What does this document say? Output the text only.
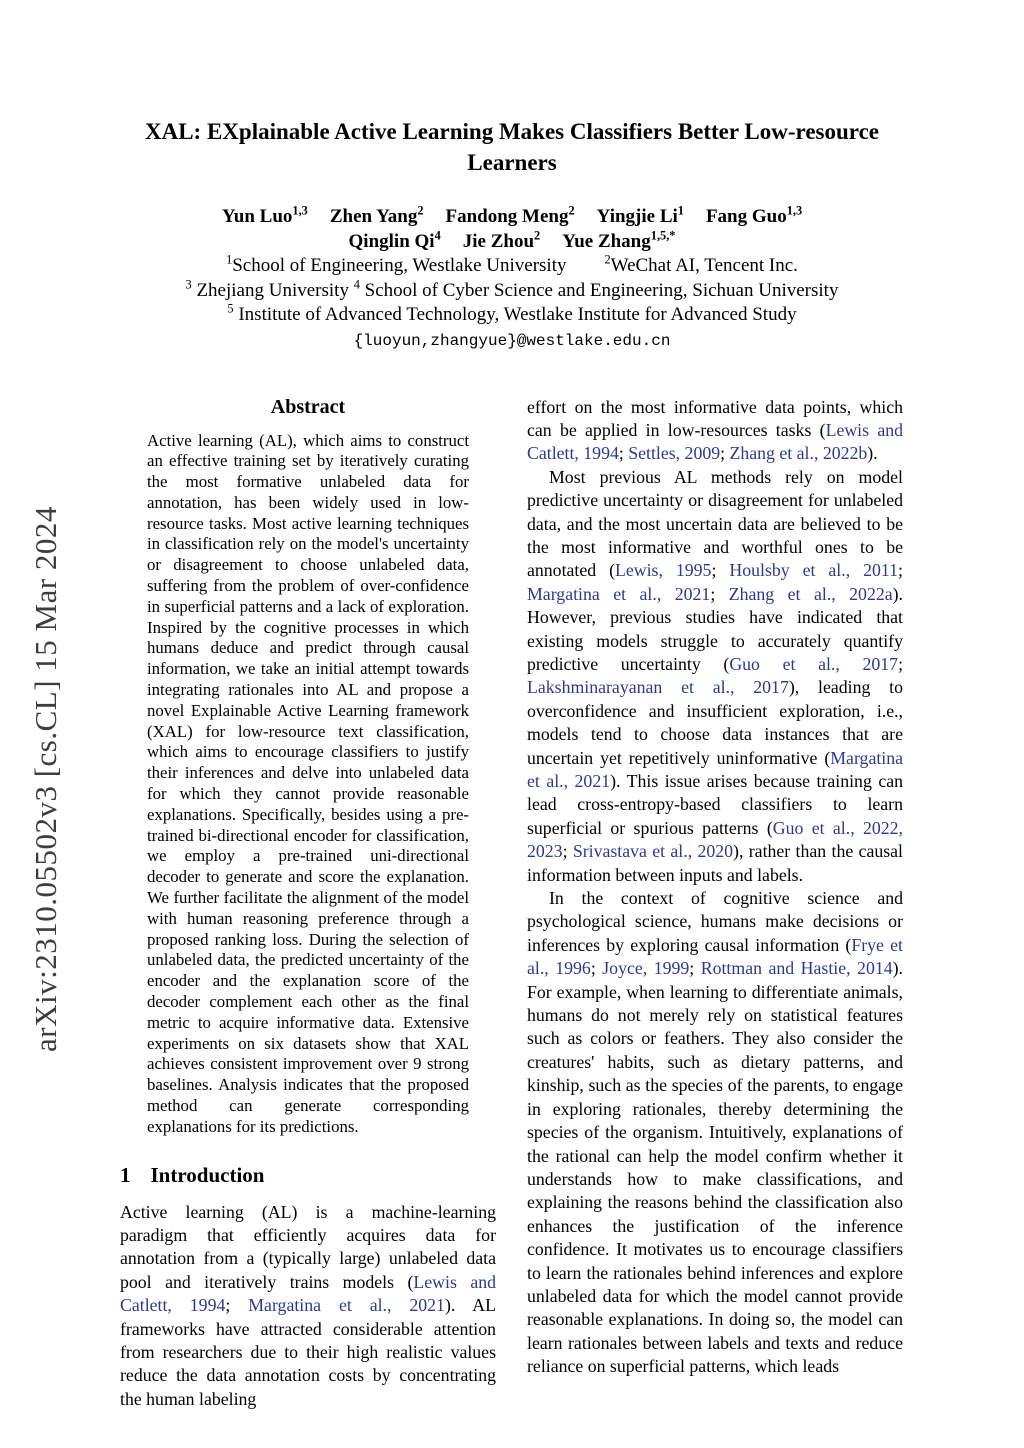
arXiv:2310.05502v3 [cs.CL] 15 Mar 2024
XAL: EXplainable Active Learning Makes Classifiers Better Low-resource Learners
Yun Luo$^{1,3}$ Zhen Yang$^2$ Fandong Meng$^2$ Yingjie Li$^1$ Fang Guo$^{1,3}$
Qinglin Qi$^4$ Jie Zhou$^2$ Yue Zhang$^{1,5,*}$
$^1$School of Engineering, Westlake University  	$^2$WeChat AI, Tencent Inc.
$^3$ Zhejiang University $^4$ School of Cyber Science and Engineering, Sichuan University
$^5$ Institute of Advanced Technology, Westlake Institute for Advanced Study
{luoyun,zhangyue}@westlake.edu.cn
Abstract

Active learning (AL), which aims to construct an effective training set by iteratively curating the most formative unlabeled data for annotation, has been widely used in low-resource tasks. Most active learning techniques in classification rely on the model's uncertainty or disagreement to choose unlabeled data, suffering from the problem of over-confidence in superficial patterns and a lack of exploration. Inspired by the cognitive processes in which humans deduce and predict through causal information, we take an initial attempt towards integrating rationales into AL and propose a novel Explainable Active Learning framework (XAL) for low-resource text classification, which aims to encourage classifiers to justify their inferences and delve into unlabeled data for which they cannot provide reasonable explanations. Specifically, besides using a pre-trained bi-directional encoder for classification, we employ a pre-trained uni-directional decoder to generate and score the explanation. We further facilitate the alignment of the model with human reasoning preference through a proposed ranking loss. During the selection of unlabeled data, the predicted uncertainty of the encoder and the explanation score of the decoder complement each other as the final metric to acquire informative data. Extensive experiments on six datasets show that XAL achieves consistent improvement over 9 strong baselines. Analysis indicates that the proposed method can generate corresponding explanations for its predictions.

1 Introduction

Active learning (AL) is a machine-learning paradigm that efficiently acquires data for annotation from a (typically large) unlabeled data pool and iteratively trains models (Lewis and Catlett, 1994; Margatina et al., 2021). AL frameworks have attracted considerable attention from researchers due to their high realistic values reduce the data annotation costs by concentrating the human labeling

effort on the most informative data points, which can be applied in low-resources tasks (Lewis and Catlett, 1994; Settles, 2009; Zhang et al., 2022b).

Most previous AL methods rely on model predictive uncertainty or disagreement for unlabeled data, and the most uncertain data are believed to be the most informative and worthful ones to be annotated (Lewis, 1995; Houlsby et al., 2011; Margatina et al., 2021; Zhang et al., 2022a). However, previous studies have indicated that existing models struggle to accurately quantify predictive uncertainty (Guo et al., 2017; Lakshminarayanan et al., 2017), leading to overconfidence and insufficient exploration, i.e., models tend to choose data instances that are uncertain yet repetitively uninformative (Margatina et al., 2021). This issue arises because training can lead cross-entropy-based classifiers to learn superficial or spurious patterns (Guo et al., 2022, 2023; Srivastava et al., 2020), rather than the causal information between inputs and labels.

In the context of cognitive science and psychological science, humans make decisions or inferences by exploring causal information (Frye et al., 1996; Joyce, 1999; Rottman and Hastie, 2014). For example, when learning to differentiate animals, humans do not merely rely on statistical features such as colors or feathers. They also consider the creatures' habits, such as dietary patterns, and kinship, such as the species of the parents, to engage in exploring rationales, thereby determining the species of the organism. Intuitively, explanations of the rational can help the model confirm whether it understands how to make classifications, and explaining the reasons behind the classification also enhances the justification of the inference confidence. It motivates us to encourage classifiers to learn the rationales behind inferences and explore unlabeled data for which the model cannot provide reasonable explanations. In doing so, the model can learn rationales between labels and texts and reduce reliance on superficial patterns, which leads
